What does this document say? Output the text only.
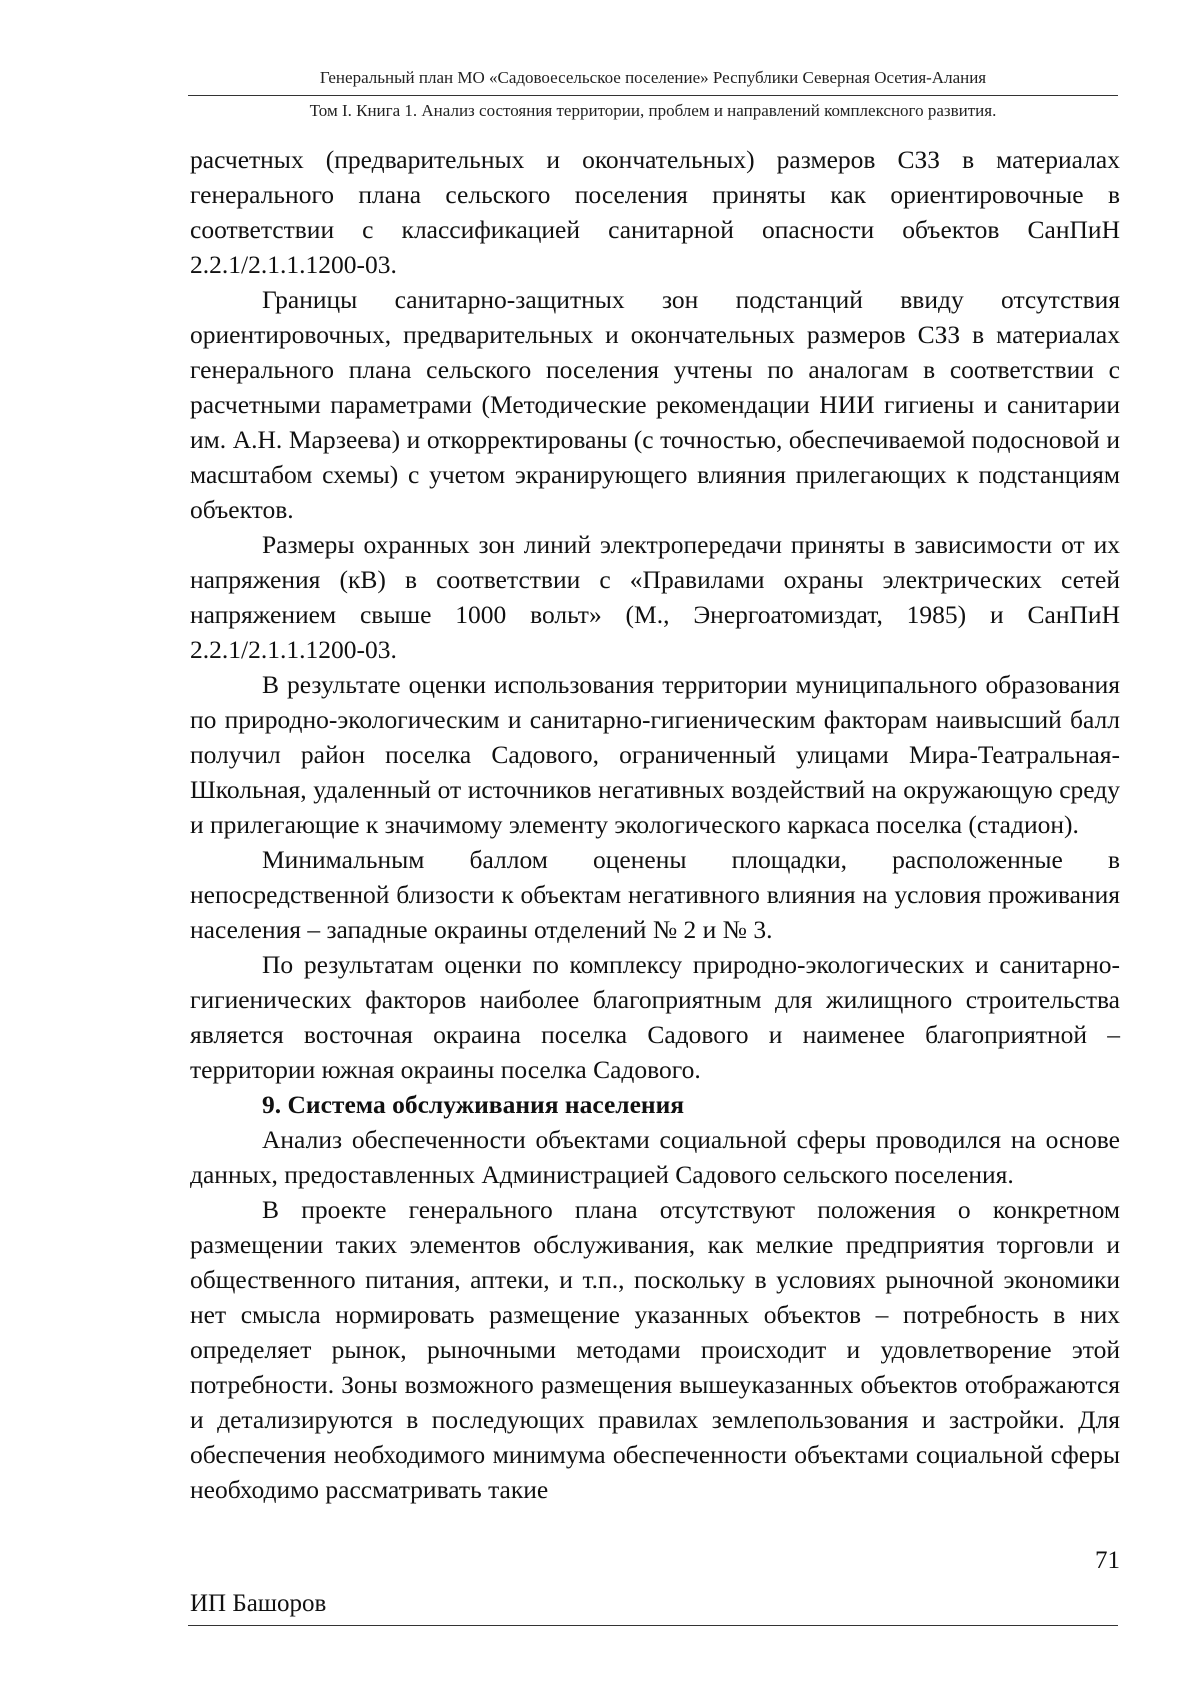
Генеральный план МО «Садовоесельское поселение» Республики Северная Осетия-Алания
Том I. Книга 1. Анализ состояния территории, проблем и направлений комплексного развития.

расчетных (предварительных и окончательных) размеров СЗЗ в материалах генерального плана сельского поселения приняты как ориентировочные в соответствии с классификацией санитарной опасности объектов СанПиН 2.2.1/2.1.1.1200-03.

Границы санитарно-защитных зон подстанций ввиду отсутствия ориентировочных, предварительных и окончательных размеров СЗЗ в материалах генерального плана сельского поселения учтены по аналогам в соответствии с расчетными параметрами (Методические рекомендации НИИ гигиены и санитарии им. А.Н. Марзеева) и откорректированы (с точностью, обеспечиваемой подосновой и масштабом схемы) с учетом экранирующего влияния прилегающих к подстанциям объектов.

Размеры охранных зон линий электропередачи приняты в зависимости от их напряжения (кВ) в соответствии с «Правилами охраны электрических сетей напряжением свыше 1000 вольт» (М., Энергоатомиздат, 1985) и СанПиН 2.2.1/2.1.1.1200-03.

В результате оценки использования территории муниципального образования по природно-экологическим и санитарно-гигиеническим факторам наивысший балл получил район поселка Садового, ограниченный улицами Мира-Театральная- Школьная, удаленный от источников негативных воздействий на окружающую среду и прилегающие к значимому элементу экологического каркаса поселка (стадион).

Минимальным баллом оценены площадки, расположенные в непосредственной близости к объектам негативного влияния на условия проживания населения – западные окраины отделений № 2 и № 3.

По результатам оценки по комплексу природно-экологических и санитарно-гигиенических факторов наиболее благоприятным для жилищного строительства является восточная окраина поселка Садового и наименее благоприятной – территории южная окраины поселка Садового.

9. Система обслуживания населения

Анализ обеспеченности объектами социальной сферы проводился на основе данных, предоставленных Администрацией Садового сельского поселения.

В проекте генерального плана отсутствуют положения о конкретном размещении таких элементов обслуживания, как мелкие предприятия торговли и общественного питания, аптеки, и т.п., поскольку в условиях рыночной экономики нет смысла нормировать размещение указанных объектов – потребность в них определяет рынок, рыночными методами происходит и удовлетворение этой потребности. Зоны возможного размещения вышеуказанных объектов отображаются и детализируются в последующих правилах землепользования и застройки. Для обеспечения необходимого минимума обеспеченности объектами социальной сферы необходимо рассматривать такие

71
ИП Башоров
